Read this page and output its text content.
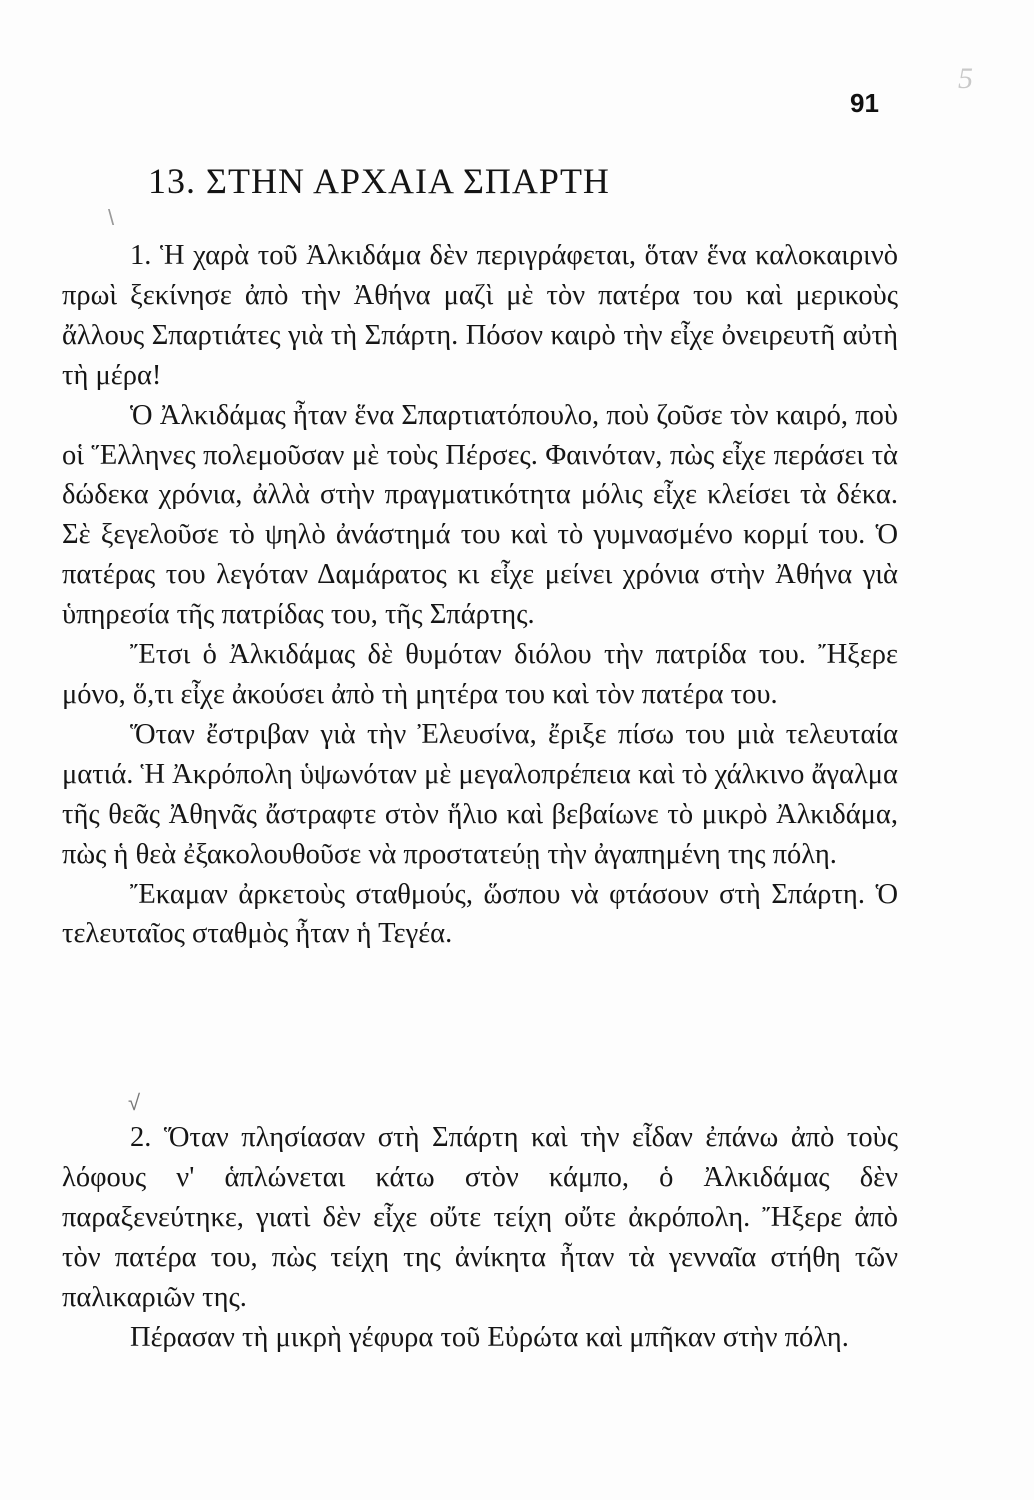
5
91
13. ΣΤΗΝ ΑΡΧΑΙΑ ΣΠΑΡΤΗ
\

1. Ἡ χαρὰ τοῦ Ἀλκιδάμα δὲν περιγράφεται, ὅταν ἕνα καλοκαιρινὸ πρωὶ ξεκίνησε ἀπὸ τὴν Ἀθήνα μαζὶ μὲ τὸν πατέρα του καὶ μερικοὺς ἄλλους Σπαρτιάτες γιὰ τὴ Σπάρτη. Πόσον καιρὸ τὴν εἶχε ὀνειρευτῆ αὐτὴ τὴ μέρα!

Ὁ Ἀλκιδάμας ἦταν ἕνα Σπαρτιατόπουλο, ποὺ ζοῦσε τὸν καιρό, ποὺ οἱ Ἕλληνες πολεμοῦσαν μὲ τοὺς Πέρσες. Φαινόταν, πὼς εἶχε περάσει τὰ δώδεκα χρόνια, ἀλλὰ στὴν πραγματικότητα μόλις εἶχε κλείσει τὰ δέκα. Σὲ ξεγελοῦσε τὸ ψηλὸ ἀνάστημά του καὶ τὸ γυμνασμένο κορμί του. Ὁ πατέρας του λεγόταν Δαμάρατος κι εἶχε μείνει χρόνια στὴν Ἀθήνα γιὰ ὑπηρεσία τῆς πατρίδας του, τῆς Σπάρτης.

Ἔτσι ὁ Ἀλκιδάμας δὲ θυμόταν διόλου τὴν πατρίδα του. Ἤξερε μόνο, ὅ,τι εἶχε ἀκούσει ἀπὸ τὴ μητέρα του καὶ τὸν πατέρα του.

Ὅταν ἔστριβαν γιὰ τὴν Ἐλευσίνα, ἔριξε πίσω του μιὰ τελευταία ματιά. Ἡ Ἀκρόπολη ὑψωνόταν μὲ μεγαλοπρέπεια καὶ τὸ χάλκινο ἄγαλμα τῆς θεᾶς Ἀθηνᾶς ἄστραφτε στὸν ἥλιο καὶ βεβαίωνε τὸ μικρὸ Ἀλκιδάμα, πὼς ἡ θεὰ ἐξακολουθοῦσε νὰ προστατεύῃ τὴν ἀγαπημένη της πόλη.

Ἔκαμαν ἀρκετοὺς σταθμούς, ὥσπου νὰ φτάσουν στὴ Σπάρτη. Ὁ τελευταῖος σταθμὸς ἦταν ἡ Τεγέα.

√

2. Ὅταν πλησίασαν στὴ Σπάρτη καὶ τὴν εἶδαν ἐπάνω ἀπὸ τοὺς λόφους ν' ἁπλώνεται κάτω στὸν κάμπο, ὁ Ἀλκιδάμας δὲν παραξενεύτηκε, γιατὶ δὲν εἶχε οὔτε τείχη οὔτε ἀκρόπολη. Ἤξερε ἀπὸ τὸν πατέρα του, πὼς τείχη της ἀνίκητα ἦταν τὰ γενναῖα στήθη τῶν παλικαριῶν της.

Πέρασαν τὴ μικρὴ γέφυρα τοῦ Εὐρώτα καὶ μπῆκαν στὴν πόλη.
